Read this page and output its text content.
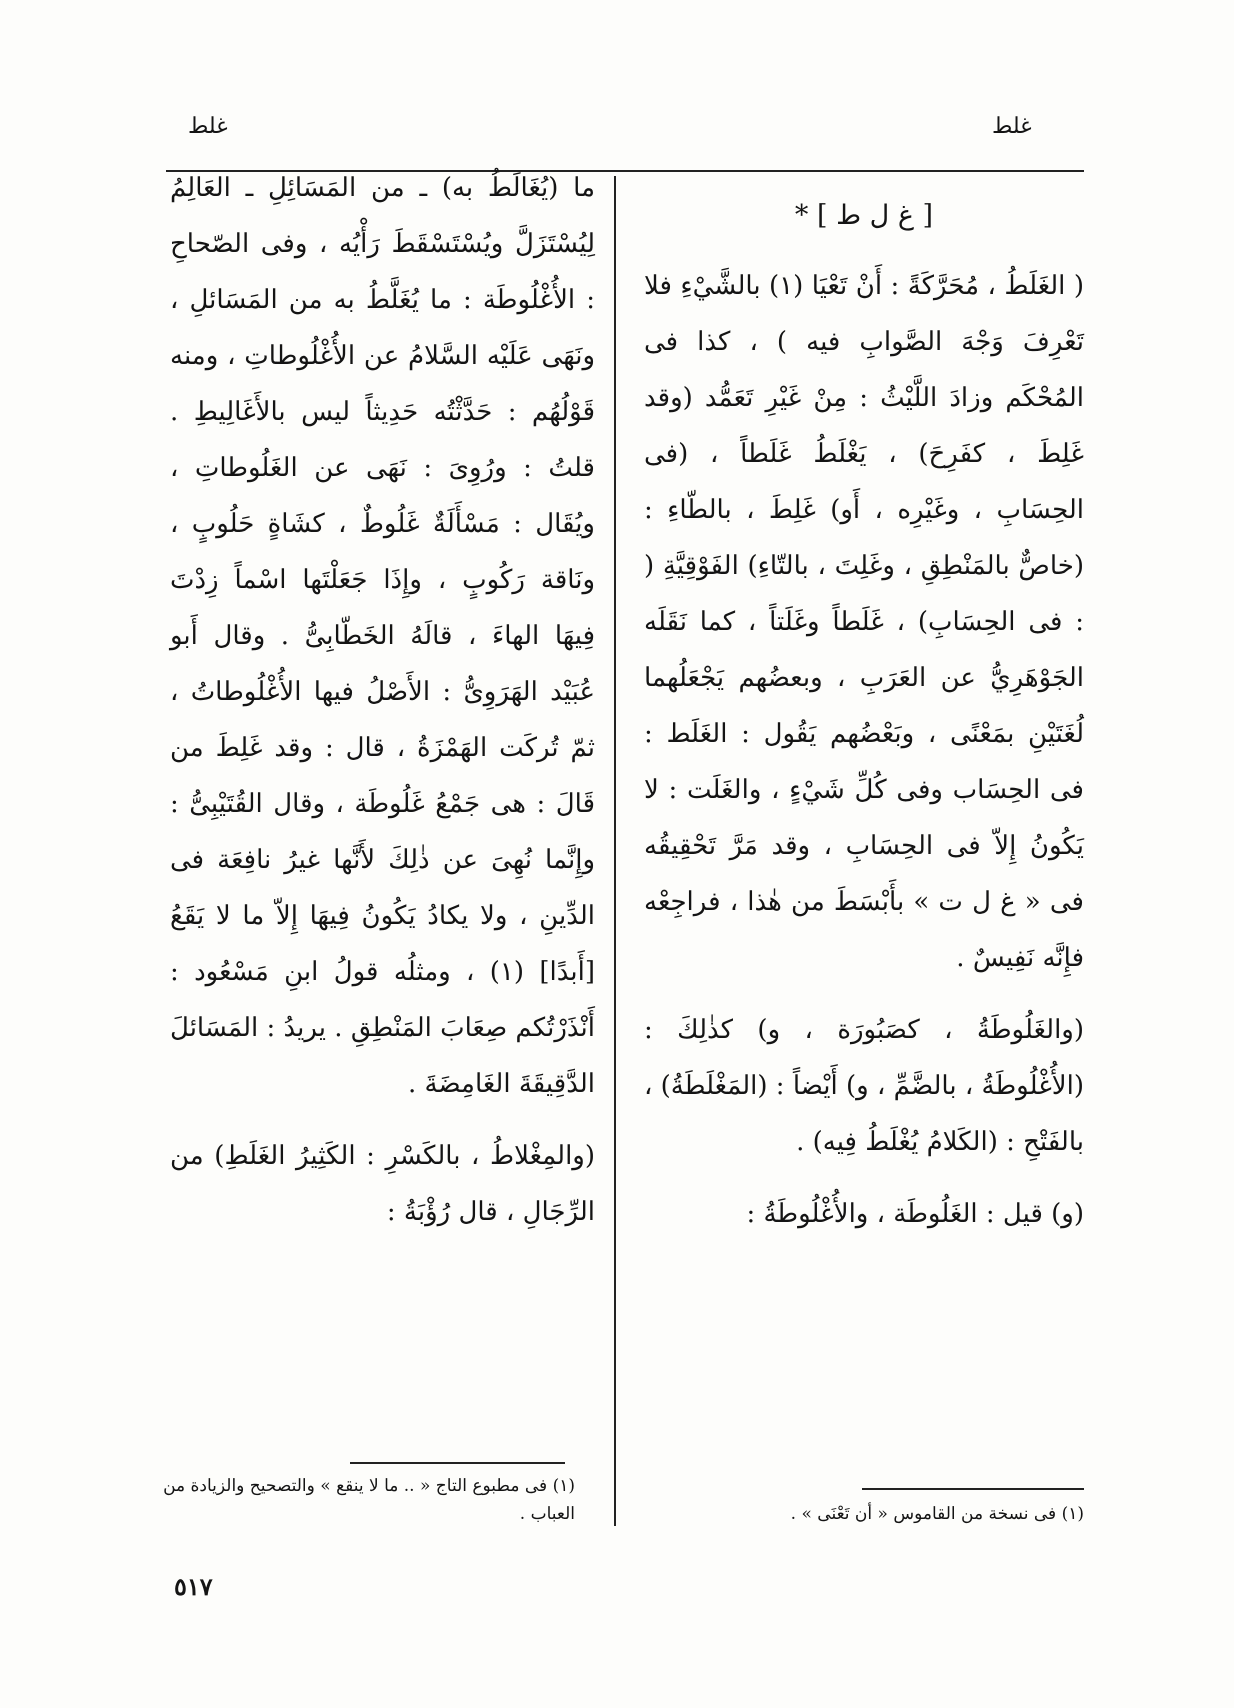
غلط	غلط
[ غ ل ط ] *

( الغَلَطُ ، مُحَرَّكَةً : أَنْ تَعْيَا (١) بالشَّيْءِ فلا تَعْرِفَ وَجْهَ الصَّوابِ فيه ) ، كذا فى المُحْكَم وزادَ اللَّيْثُ : مِنْ غَيْرِ تَعَمُّد (وقد غَلِطَ ، كفَرِحَ) ، يَغْلَطُ غَلَطاً ، (فى الحِسَابِ ، وغَيْرِه ، أَو) غَلِطَ ، بالطّاءِ : (خاصٌّ بالمَنْطِقِ ، وغَلِتَ ، بالتّاءِ) الفَوْقِيَّةِ ( : فى الحِسَابِ) ، غَلَطاً وغَلَتاً ، كما نَقَلَه الجَوْهَرِيُّ عن العَرَبِ ، وبعضُهم يَجْعَلُهما لُغَتَيْنِ بمَعْنًى ، وبَعْضُهم يَقُول : الغَلَط : فى الحِسَاب وفى كُلِّ شَيْءٍ ، والغَلَت : لا يَكُونُ إِلاّ فى الحِسَابِ ، وقد مَرَّ تَحْقِيقُه فى « غ ل ت » بأَبْسَطَ من هٰذا ، فراجِعْه فإِنَّه نَفِيسٌ .

(والغَلُوطَةُ ، كصَبُورَة ، و) كذٰلِكَ : (الأُغْلُوطَةُ ، بالضَّمِّ ، و) أَيْضاً : (المَغْلَطَةُ) ، بالفَتْحِ : (الكَلامُ يُغْلَطُ فِيه) .

(و) قيل : الغَلُوطَة ، والأُغْلُوطَةُ :

ما (يُغَالَطُ به) ـ من المَسَائِلِ ـ العَالِمُ لِيُسْتَزَلَّ ويُسْتَسْقَطَ رَأْيُه ، وفى الصّحاحِ : الأُغْلُوطَة : ما يُغَلَّطُ به من المَسَائلِ ، ونَهَى عَلَيْه السَّلامُ عن الأُغْلُوطاتِ ، ومنه قَوْلُهُم : حَدَّثْتُه حَدِيثاً ليس بالأَغَالِيطِ . قلتُ : ورُوِىَ : نَهَى عن الغَلُوطاتِ ، ويُقَال : مَسْأَلَةٌ غَلُوطٌ ، كشَاةٍ حَلُوبٍ ، ونَاقة رَكُوبٍ ، وإِذَا جَعَلْتَها اسْماً زِدْتَ فِيهَا الهاءَ ، قالَهُ الخَطّابِىُّ . وقال أَبو عُبَيْد الهَرَوِىُّ : الأَصْلُ فيها الأُغْلُوطاتُ ، ثمّ تُركَت الهَمْزَةُ ، قال : وقد غَلِطَ من قَالَ : هى جَمْعُ غَلُوطَة ، وقال القُتَيْبِىُّ : وإِنَّما نُهِىَ عن ذٰلِكَ لأَنَّها غيرُ نافِعَة فى الدِّينِ ، ولا يكادُ يَكُونُ فِيهَا إِلاّ ما لا يَقَعُ [أَبدًا] (١) ، ومثلُه قولُ ابنِ مَسْعُود : أَنْذَرْتُكم صِعَابَ المَنْطِقِ . يريدُ : المَسَائلَ الدَّقِيقَةَ الغَامِضَةَ .

(والمِغْلاطُ ، بالكَسْرِ : الكَثِيرُ الغَلَطِ) من الرِّجَالِ ، قال رُؤْبَةُ :

(١) فى نسخة من القاموس « أن تَعْنَى » .
(١) فى مطبوع التاج « .. ما لا ينقع » والتصحيح والزيادة من العباب .
٥١٧
